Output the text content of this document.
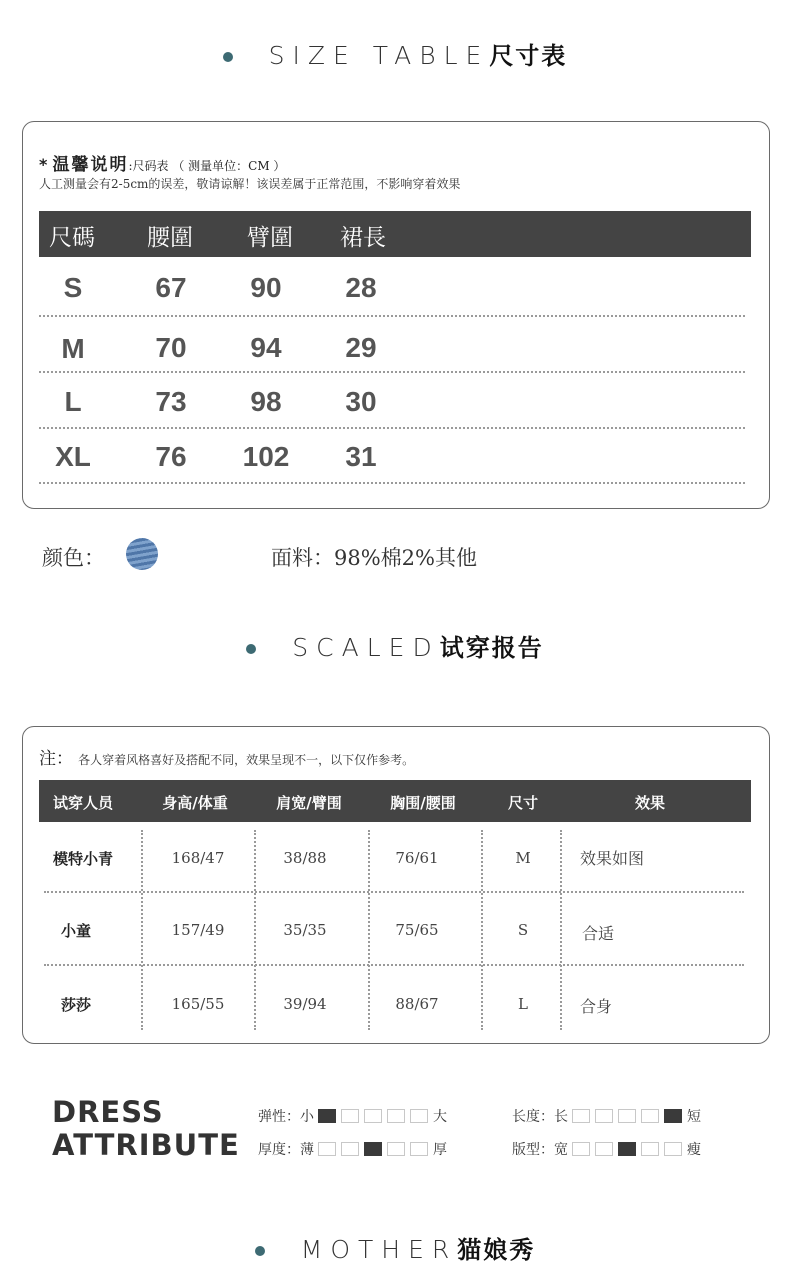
SIZE TABLE尺寸表
* 温馨说明:尺码表 （ 测量单位：CM ）
人工测量会有2-5cm的误差，敬请谅解！该误差属于正常范围，不影响穿着效果
尺碼 腰圍 臂圍 裙長
S	67	90	28
M	70	94	29
L	73	98	30
XL	76	102	31
颜色：	面料：98%棉2%其他
SCALED试穿报告
注： 各人穿着风格喜好及搭配不同，效果呈现不一，以下仅作参考。
试穿人员	身高/体重	肩宽/臂围	胸围/腰围	尺寸	效果
模特小青	168/47	38/88	76/61	M	效果如图
小童	157/49	35/35	75/65	S	合适
莎莎	165/55	39/94	88/67	L	合身
DRESS
ATTRIBUTE
弹性：小	大
厚度：薄	厚
长度：长	短
版型：宽	瘦
MOTHER猫娘秀
